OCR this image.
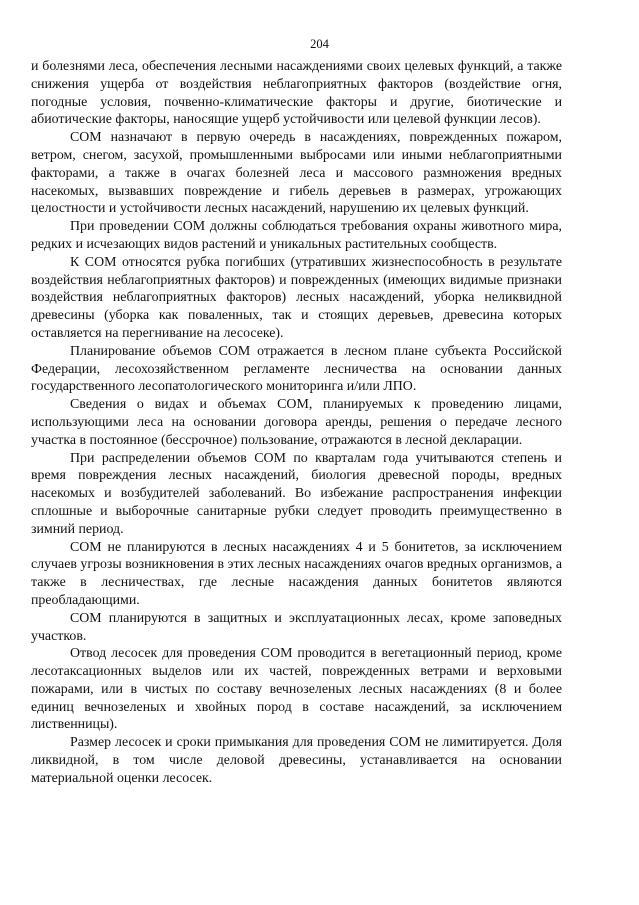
204

и болезнями леса, обеспечения лесными насаждениями своих целевых функций, а также снижения ущерба от воздействия неблагоприятных факторов (воздействие огня, погодные условия, почвенно-климатические факторы и другие, биотические и абиотические факторы, наносящие ущерб устойчивости или целевой функции лесов).

СОМ назначают в первую очередь в насаждениях, поврежденных пожаром, ветром, снегом, засухой, промышленными выбросами или иными неблагоприятными факторами, а также в очагах болезней леса и массового размножения вредных насекомых, вызвавших повреждение и гибель деревьев в размерах, угрожающих целостности и устойчивости лесных насаждений, нарушению их целевых функций.

При проведении СОМ должны соблюдаться требования охраны животного мира, редких и исчезающих видов растений и уникальных растительных сообществ.

К СОМ относятся рубка погибших (утративших жизнеспособность в результате воздействия неблагоприятных факторов) и поврежденных (имеющих видимые признаки воздействия неблагоприятных факторов) лесных насаждений, уборка неликвидной древесины (уборка как поваленных, так и стоящих деревьев, древесина которых оставляется на перегнивание на лесосеке).

Планирование объемов СОМ отражается в лесном плане субъекта Российской Федерации, лесохозяйственном регламенте лесничества на основании данных государственного лесопатологического мониторинга и/или ЛПО.

Сведения о видах и объемах СОМ, планируемых к проведению лицами, использующими леса на основании договора аренды, решения о передаче лесного участка в постоянное (бессрочное) пользование, отражаются в лесной декларации.

При распределении объемов СОМ по кварталам года учитываются степень и время повреждения лесных насаждений, биология древесной породы, вредных насекомых и возбудителей заболеваний. Во избежание распространения инфекции сплошные и выборочные санитарные рубки следует проводить преимущественно в зимний период.

СОМ не планируются в лесных насаждениях 4 и 5 бонитетов, за исключением случаев угрозы возникновения в этих лесных насаждениях очагов вредных организмов, а также в лесничествах, где лесные насаждения данных бонитетов являются преобладающими.

СОМ планируются в защитных и эксплуатационных лесах, кроме заповедных участков.

Отвод лесосек для проведения СОМ проводится в вегетационный период, кроме лесотаксационных выделов или их частей, поврежденных ветрами и верховыми пожарами, или в чистых по составу вечнозеленых лесных насаждениях (8 и более единиц вечнозеленых и хвойных пород в составе насаждений, за исключением лиственницы).

Размер лесосек и сроки примыкания для проведения СОМ не лимитируется. Доля ликвидной, в том числе деловой древесины, устанавливается на основании материальной оценки лесосек.
